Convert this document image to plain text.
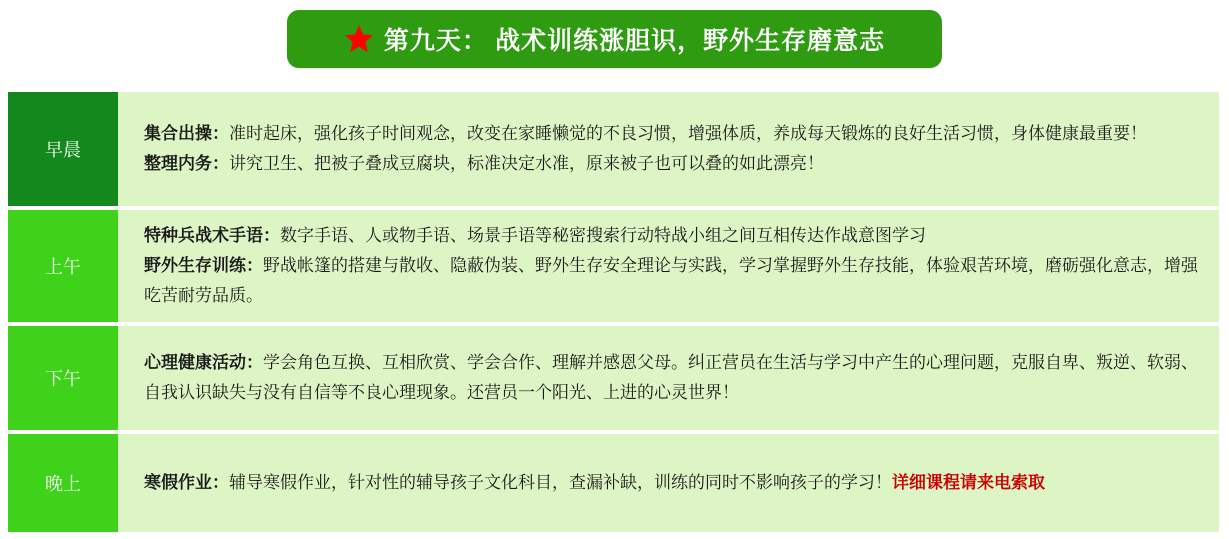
第九天： 战术训练涨胆识，野外生存磨意志
早晨

集合出操：准时起床，强化孩子时间观念，改变在家睡懒觉的不良习惯，增强体质，养成每天锻炼的良好生活习惯，身体健康最重要！

整理内务：讲究卫生、把被子叠成豆腐块，标准决定水准，原来被子也可以叠的如此漂亮！

上午

特种兵战术手语：数字手语、人或物手语、场景手语等秘密搜索行动特战小组之间互相传达作战意图学习

野外生存训练：野战帐篷的搭建与散收、隐蔽伪装、野外生存安全理论与实践，学习掌握野外生存技能，体验艰苦环境，磨砺强化意志，增强吃苦耐劳品质。

下午

心理健康活动：学会角色互换、互相欣赏、学会合作、理解并感恩父母。纠正营员在生活与学习中产生的心理问题，克服自卑、叛逆、软弱、自我认识缺失与没有自信等不良心理现象。还营员一个阳光、上进的心灵世界！

晚上	寒假作业：辅导寒假作业，针对性的辅导孩子文化科目，查漏补缺，训练的同时不影响孩子的学习！详细课程请来电索取
